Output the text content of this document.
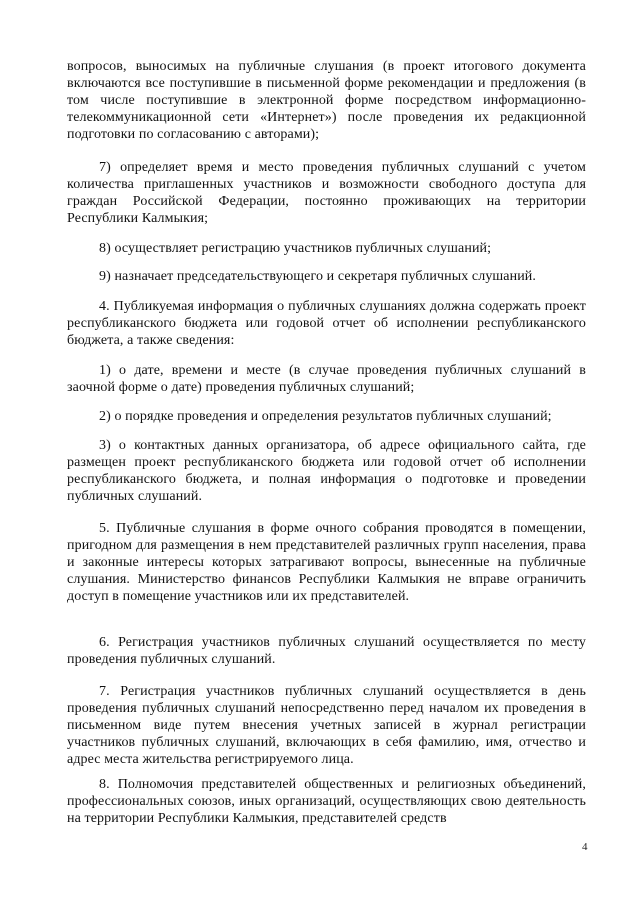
вопросов, выносимых на публичные слушания (в проект итогового документа включаются все поступившие в письменной форме рекомендации и предложения (в том числе поступившие в электронной форме посредством информационно-телекоммуникационной сети «Интернет») после проведения их редакционной подготовки по согласованию с авторами);

7) определяет время и место проведения публичных слушаний с учетом количества приглашенных участников и возможности свободного доступа для граждан Российской Федерации, постоянно проживающих на территории Республики Калмыкия;

8) осуществляет регистрацию участников публичных слушаний;

9) назначает председательствующего и секретаря публичных слушаний.

4. Публикуемая информация о публичных слушаниях должна содержать проект республиканского бюджета или годовой отчет об исполнении республиканского бюджета, а также сведения:

1) о дате, времени и месте (в случае проведения публичных слушаний в заочной форме о дате) проведения публичных слушаний;

2) о порядке проведения и определения результатов публичных слушаний;

3) о контактных данных организатора, об адресе официального сайта, где размещен проект республиканского бюджета или годовой отчет об исполнении республиканского бюджета, и полная информация о подготовке и проведении публичных слушаний.

5. Публичные слушания в форме очного собрания проводятся в помещении, пригодном для размещения в нем представителей различных групп населения, права и законные интересы которых затрагивают вопросы, вынесенные на публичные слушания. Министерство финансов Республики Калмыкия не вправе ограничить доступ в помещение участников или их представителей.

6. Регистрация участников публичных слушаний осуществляется по месту проведения публичных слушаний.

7. Регистрация участников публичных слушаний осуществляется в день проведения публичных слушаний непосредственно перед началом их проведения в письменном виде путем внесения учетных записей в журнал регистрации участников публичных слушаний, включающих в себя фамилию, имя, отчество и адрес места жительства регистрируемого лица.

8. Полномочия представителей общественных и религиозных объединений, профессиональных союзов, иных организаций, осуществляющих свою деятельность на территории Республики Калмыкия, представителей средств

4
